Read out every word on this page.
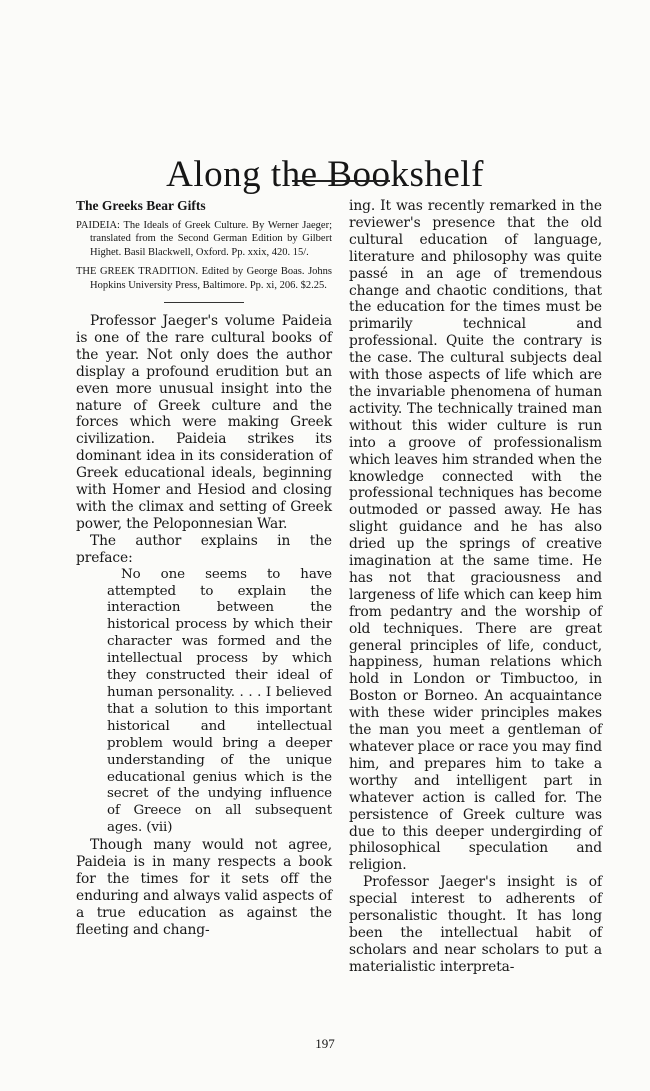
Along the Bookshelf
The Greeks Bear Gifts

PAIDEIA: The Ideals of Greek Culture. By Werner Jaeger; translated from the Second German Edition by Gilbert Highet. Basil Blackwell, Oxford. Pp. xxix, 420. 15/.

THE GREEK TRADITION. Edited by George Boas. Johns Hopkins University Press, Baltimore. Pp. xi, 206. $2.25.

Professor Jaeger's volume Paideia is one of the rare cultural books of the year. Not only does the author display a profound erudition but an even more unusual insight into the nature of Greek culture and the forces which were making Greek civilization. Paideia strikes its dominant idea in its consideration of Greek educational ideals, beginning with Homer and Hesiod and closing with the climax and setting of Greek power, the Peloponnesian War.

The author explains in the preface:

No one seems to have attempted to explain the interaction between the historical process by which their character was formed and the intellectual process by which they constructed their ideal of human personality. . . . I believed that a solution to this important historical and intellectual problem would bring a deeper understanding of the unique educational genius which is the secret of the undying influence of Greece on all subsequent ages. (vii)

Though many would not agree, Paideia is in many respects a book for the times for it sets off the enduring and always valid aspects of a true education as against the fleeting and chang-

ing. It was recently remarked in the reviewer's presence that the old cultural education of language, literature and philosophy was quite passé in an age of tremendous change and chaotic conditions, that the education for the times must be primarily technical and professional. Quite the contrary is the case. The cultural subjects deal with those aspects of life which are the invariable phenomena of human activity. The technically trained man without this wider culture is run into a groove of professionalism which leaves him stranded when the knowledge connected with the professional techniques has become outmoded or passed away. He has slight guidance and he has also dried up the springs of creative imagination at the same time. He has not that graciousness and largeness of life which can keep him from pedantry and the worship of old techniques. There are great general principles of life, conduct, happiness, human relations which hold in London or Timbuctoo, in Boston or Borneo. An acquaintance with these wider principles makes the man you meet a gentleman of whatever place or race you may find him, and prepares him to take a worthy and intelligent part in whatever action is called for. The persistence of Greek culture was due to this deeper undergirding of philosophical speculation and religion.

Professor Jaeger's insight is of special interest to adherents of personalistic thought. It has long been the intellectual habit of scholars and near scholars to put a materialistic interpreta-

197
